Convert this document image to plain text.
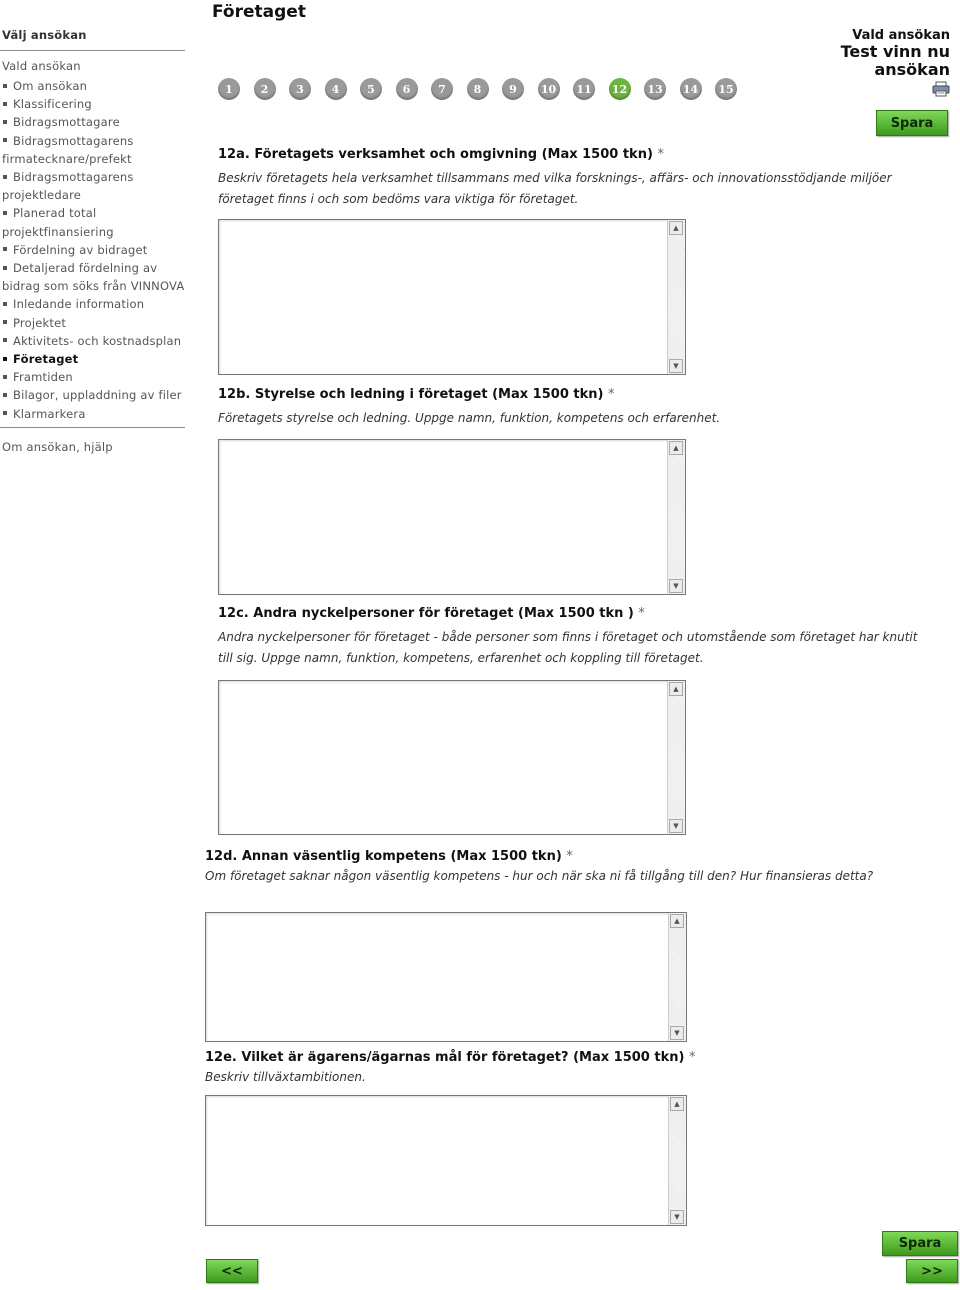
Välj ansökan
Vald ansökan
Om ansökan
Klassificering
Bidragsmottagare
Bidragsmottagarens firmatecknare/prefekt
Bidragsmottagarens projektledare
Planerad total projektfinansiering
Fördelning av bidraget
Detaljerad fördelning av bidrag som söks från VINNOVA
Inledande information
Projektet
Aktivitets- och kostnadsplan
Företaget
Framtiden
Bilagor, uppladdning av filer
Klarmarkera
Om ansökan, hjälp
Företaget
Vald ansökan
Test vinn nu ansökan
1	2	3	4	5	6	7	8	9	10	11	12	13	14	15
Spara
12a. Företagets verksamhet och omgivning (Max 1500 tkn) *
Beskriv företagets hela verksamhet tillsammans med vilka forsknings-, affärs- och innovationsstödjande miljöer företaget finns i och som bedöms vara viktiga för företaget.
▲
▼
12b. Styrelse och ledning i företaget (Max 1500 tkn) *
Företagets styrelse och ledning. Uppge namn, funktion, kompetens och erfarenhet.
▲
▼
12c. Andra nyckelpersoner för företaget (Max 1500 tkn ) *
Andra nyckelpersoner för företaget - både personer som finns i företaget och utomstående som företaget har knutit till sig. Uppge namn, funktion, kompetens, erfarenhet och koppling till företaget.
▲
▼
12d. Annan väsentlig kompetens (Max 1500 tkn) *
Om företaget saknar någon väsentlig kompetens - hur och när ska ni få tillgång till den? Hur finansieras detta?
▲
▼
12e. Vilket är ägarens/ägarnas mål för företaget? (Max 1500 tkn) *
Beskriv tillväxtambitionen.
▲
▼
Spara
<<	>>
